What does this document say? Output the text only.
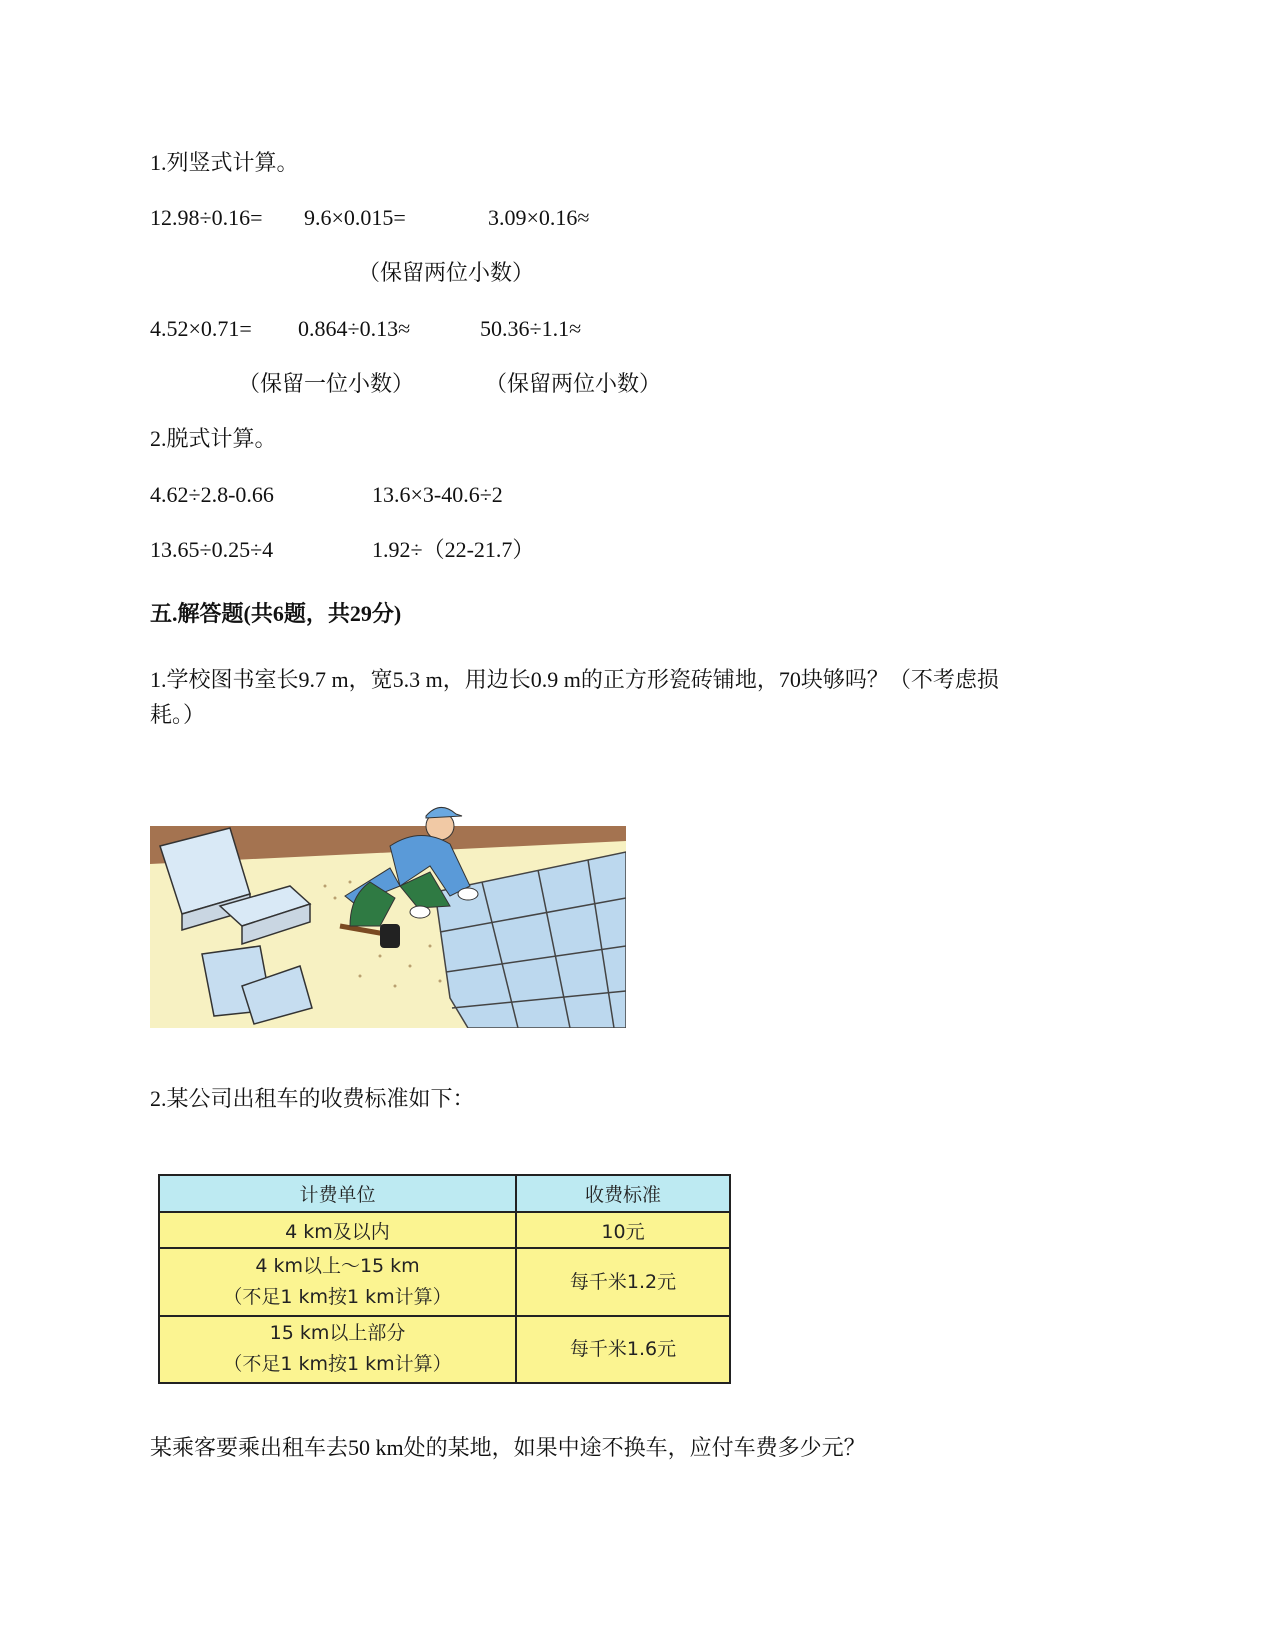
1.列竖式计算。
12.98÷0.16= 9.6×0.015=	3.09×0.16≈
（保留两位小数）
4.52×0.71= 0.864÷0.13≈	50.36÷1.1≈
（保留一位小数）	（保留两位小数）
2.脱式计算。
4.62÷2.8-0.66	13.6×3-40.6÷2
13.65÷0.25÷4	1.92÷（22-21.7）
五.解答题(共6题，共29分)
1.学校图书室长9.7 m，宽5.3 m，用边长0.9 m的正方形瓷砖铺地，70块够吗？（不考虑损
耗。）
2.某公司出租车的收费标准如下：
计费单位	收费标准
4 km及以内	10元

4 km以上～15 km
（不足1 km按1 km计算）	每千米1.2元

15 km以上部分
（不足1 km按1 km计算）	每千米1.6元
某乘客要乘出租车去50 km处的某地，如果中途不换车，应付车费多少元？
